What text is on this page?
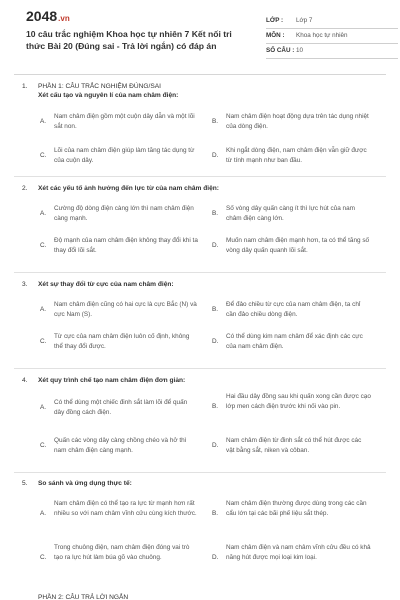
2048.vn
10 câu trắc nghiệm Khoa học tự nhiên 7 Kết nối tri thức Bài 20 (Đúng sai - Trả lời ngắn) có đáp án
LỚP : Lớp 7
MÔN : Khoa học tự nhiên
SỐ CÂU : 10
1. PHẦN 1: CÂU TRẮC NGHIỆM ĐÚNG/SAI
Xét cấu tạo và nguyên lí của nam châm điện:
A.
Nam châm điện gồm một cuộn dây dẫn và một lõi sắt non.
B.
Nam châm điện hoạt động dựa trên tác dụng nhiệt của dòng điện.
C.
Lõi của nam châm điện giúp làm tăng tác dụng từ của cuộn dây.
D.
Khi ngắt dòng điện, nam châm điện vẫn giữ được từ tính mạnh như ban đầu.
2. Xét các yếu tố ảnh hưởng đến lực từ của nam châm điện:
A.
Cường độ dòng điện càng lớn thì nam châm điện càng mạnh.
B.
Số vòng dây quấn càng ít thì lực hút của nam châm điện càng lớn.
C.
Độ mạnh của nam châm điện không thay đổi khi ta thay đổi lõi sắt.
D.
Muốn nam châm điện mạnh hơn, ta có thể tăng số vòng dây quấn quanh lõi sắt.
3. Xét sự thay đổi từ cực của nam châm điện:
A.
Nam châm điện cũng có hai cực là cực Bắc (N) và cực Nam (S).
B.
Để đảo chiều từ cực của nam châm điện, ta chỉ cần đảo chiều dòng điện.
C.
Từ cực của nam châm điện luôn cố định, không thể thay đổi được.
D.
Có thể dùng kim nam châm để xác định các cực của nam châm điện.
4. Xét quy trình chế tạo nam châm điện đơn giản:
A.
Có thể dùng một chiếc đinh sắt làm lõi để quấn dây đồng cách điện.
B.
Hai đầu dây đồng sau khi quấn xong cần được cạo lớp men cách điện trước khi nối vào pin.
C.
Quấn các vòng dây càng chồng chéo và hở thì nam châm điện càng mạnh.
D.
Nam châm điện từ đinh sắt có thể hút được các vật bằng sắt, niken và côban.
5. So sánh và ứng dụng thực tế:
A.
Nam châm điện có thể tạo ra lực từ mạnh hơn rất nhiều so với nam châm vĩnh cửu cùng kích thước.	B.
Nam châm điện thường được dùng trong các cần cẩu lớn tại các bãi phế liệu sắt thép.
C.
Trong chuông điện, nam châm điện đóng vai trò tạo ra lực hút làm búa gõ vào chuông.	D.
Nam châm điện và nam châm vĩnh cửu đều có khả năng hút được mọi loại kim loại.
PHẦN 2: CÂU TRẢ LỜI NGẮN
